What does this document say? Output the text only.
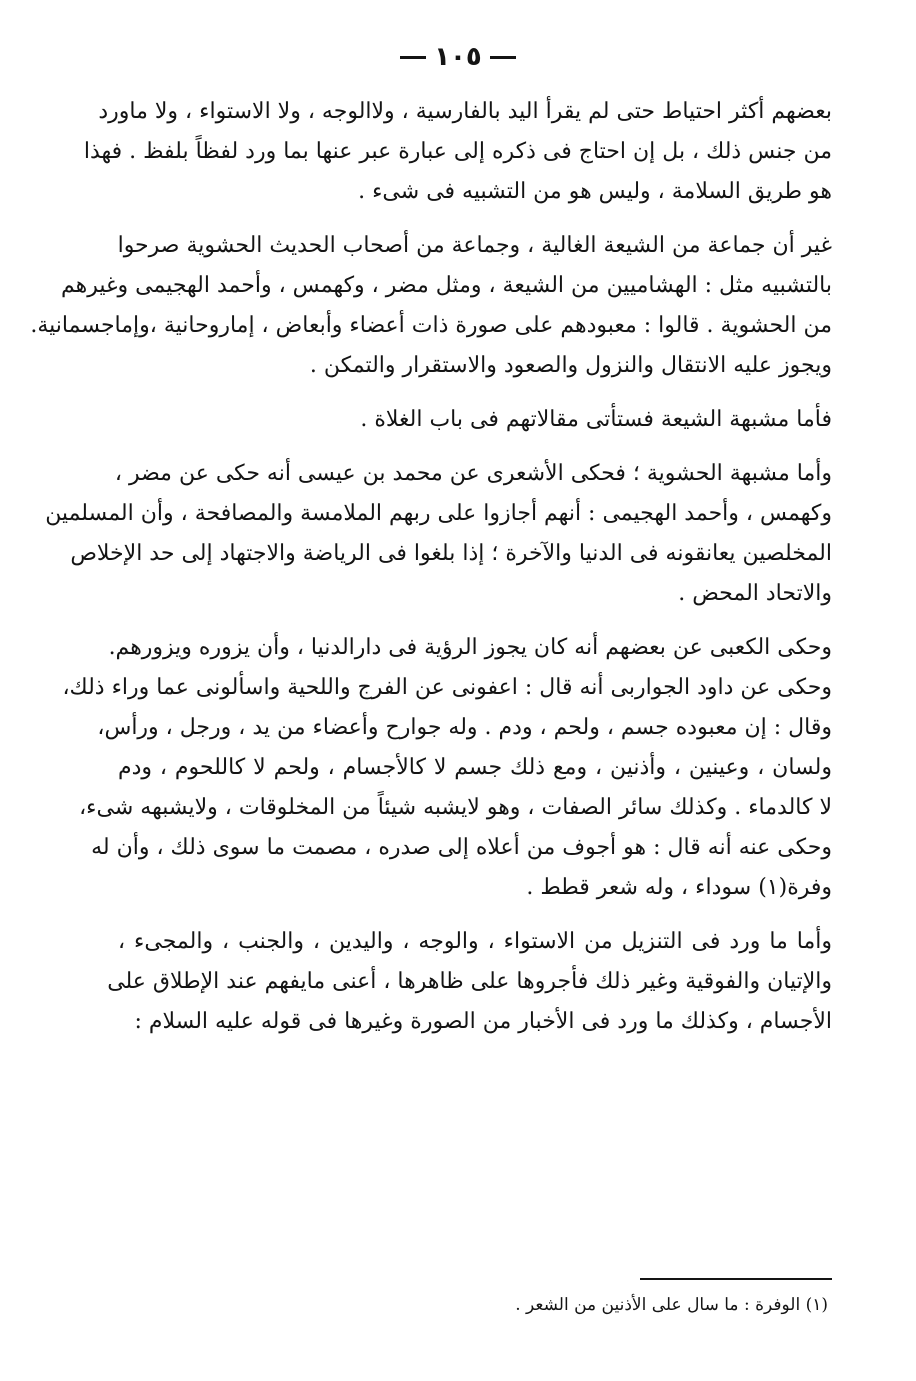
١٠٥
بعضهم أكثر احتياط حتى لم يقرأ اليد بالفارسية ، ولاالوجه ، ولا الاستواء ، ولا ماورد
من جنس ذلك ، بل إن احتاج فى ذكره إلى عبارة عبر عنها بما ورد لفظاً بلفظ . فهذا
هو طريق السلامة ، وليس هو من التشبيه فى شىء .
غير أن جماعة من الشيعة الغالية ، وجماعة من أصحاب الحديث الحشوية صرحوا
بالتشبيه مثل : الهشاميين من الشيعة ، ومثل مضر ، وكهمس ، وأحمد الهجيمى وغيرهم
من الحشوية . قالوا : معبودهم على صورة ذات أعضاء وأبعاض ، إماروحانية ،وإماجسمانية.
ويجوز عليه الانتقال والنزول والصعود والاستقرار والتمكن .
فأما مشبهة الشيعة فستأتى مقالاتهم فى باب الغلاة .
وأما مشبهة الحشوية ؛ فحكى الأشعرى عن محمد بن عيسى أنه حكى عن مضر ،
وكهمس ، وأحمد الهجيمى : أنهم أجازوا على ربهم الملامسة والمصافحة ، وأن المسلمين
المخلصين يعانقونه فى الدنيا والآخرة ؛ إذا بلغوا فى الرياضة والاجتهاد إلى حد الإخلاص
والاتحاد المحض .
وحكى الكعبى عن بعضهم أنه كان يجوز الرؤية فى دارالدنيا ، وأن يزوره ويزورهم.
وحكى عن داود الجواربى أنه قال : اعفونى عن الفرج واللحية واسألونى عما وراء ذلك،
وقال : إن معبوده جسم ، ولحم ، ودم . وله جوارح وأعضاء من يد ، ورجل ، ورأس،
ولسان ، وعينين ، وأذنين ، ومع ذلك جسم لا كالأجسام ، ولحم لا كاللحوم ، ودم
لا كالدماء . وكذلك سائر الصفات ، وهو لايشبه شيئاً من المخلوقات ، ولايشبهه شىء،
وحكى عنه أنه قال : هو أجوف من أعلاه إلى صدره ، مصمت ما سوى ذلك ، وأن له
وفرة(١) سوداء ، وله شعر قطط .
وأما ما ورد فى التنزيل من الاستواء ، والوجه ، واليدين ، والجنب ، والمجىء ،
والإتيان والفوقية وغير ذلك فأجروها على ظاهرها ، أعنى مايفهم عند الإطلاق على
الأجسام ، وكذلك ما ورد فى الأخبار من الصورة وغيرها فى قوله عليه السلام :
(١) الوفرة : ما سال على الأذنين من الشعر .
